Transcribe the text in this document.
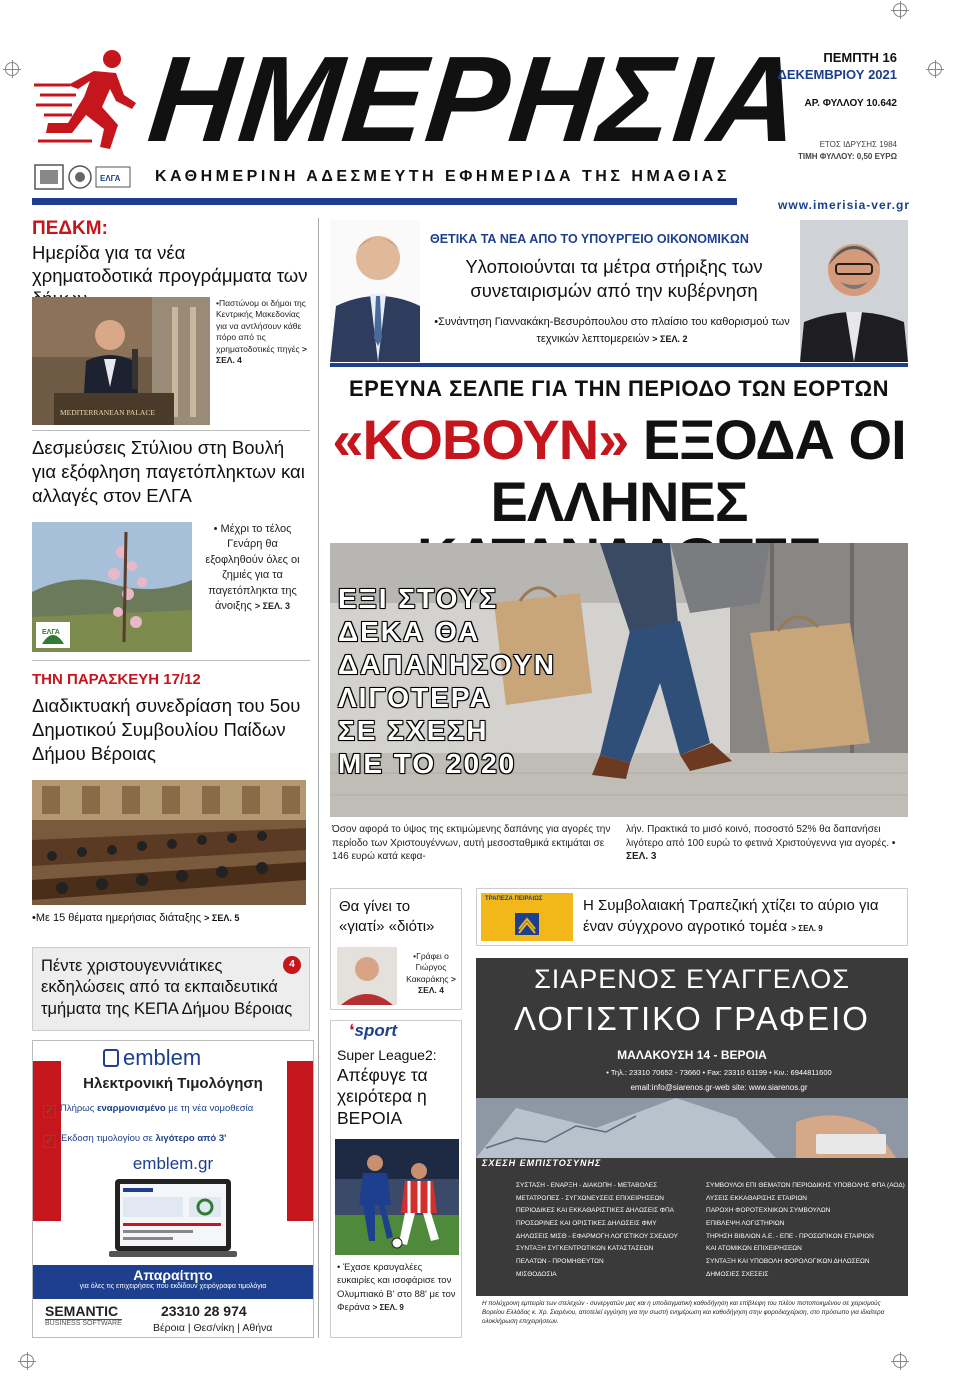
ΗΜΕΡΗΣΙΑ
ΕΛΓΑ ΚΑΘΗΜΕΡΙΝΗ ΑΔΕΣΜΕΥΤΗ ΕΦΗΜΕΡΙΔΑ ΤΗΣ ΗΜΑΘΙΑΣ
ΠΕΜΠΤΗ 16
ΔΕΚΕΜΒΡΙΟΥ 2021
ΑΡ. ΦΥΛΛΟΥ 10.642
ΕΤΟΣ ΙΔΡΥΣΗΣ 1984
ΤΙΜΗ ΦΥΛΛΟΥ: 0,50 ΕΥΡΩ
www.imerisia-ver.gr
ΠΕΔΚΜ:
Ημερίδα για τα νέα χρηματοδοτικά προγράμματα των
MEDITERRANEAN PALACE
•Παστώνομ οι δήμοι της Κεντρικής Μακεδονίας για να αντλήσουν κάθε πόρο από τις χρηματοδοτικές πηγές > ΣΕΛ. 4
Δεσμεύσεις Στύλιου στη Βουλή για εξόφληση παγετόπληκτων και αλλαγές στον ΕΛΓΑ
ΕΛΓΑ
• Μέχρι το τέλος Γενάρη θα εξοφληθούν όλες οι ζημιές για τα παγετόπληκτα της άνοιξης > ΣΕΛ. 3
ΤΗΝ ΠΑΡΑΣΚΕΥΗ 17/12
Διαδικτυακή συνεδρίαση του 5ου Δημοτικού Συμβουλίου Παίδων Δήμου Βέροιας
•Με 15 θέματα ημερήσιας διάταξης > ΣΕΛ. 5
Πέντε χριστουγεννιάτικες εκδηλώσεις από τα εκπαιδευτικά τμήματα της ΚΕΠΑ Δήμου Βέροιας
4
emblem
Ηλεκτρονική Τιμολόγηση
✓ Πλήρως εναρμονισμένο με τη νέα νομοθεσία
✓ Έκδοση τιμολογίου σε λιγότερο από 3'
emblem.gr
Απαραίτητο
για όλες τις επιχειρήσεις που εκδίδουν χειρόγραφα τιμολόγια
SEMANTIC
BUSINESS SOFTWARE
23310 28 974
Βέροια | Θεσ/νίκη | Αθήνα
ΘΕΤΙΚΑ ΤΑ ΝΕΑ ΑΠΟ ΤΟ ΥΠΟΥΡΓΕΙΟ ΟΙΚΟΝΟΜΙΚΩΝ
Υλοποιούνται τα μέτρα στήριξης των συνεταιρισμών από την κυβέρνηση
•Συνάντηση Γιαννακάκη-Βεσυρόπουλου στο πλαίσιο του καθορισμού των τεχνικών λεπτομερειών > ΣΕΛ. 2
ΕΡΕΥΝΑ ΣΕΛΠΕ ΓΙΑ ΤΗΝ ΠΕΡΙΟΔΟ ΤΩΝ ΕΟΡΤΩΝ
«ΚΟΒΟΥΝ» ΕΞΟΔΑ ΟΙ
ΕΛΛΗΝΕΣ
ΕΞΙ ΣΤΟΥΣ
ΔΕΚΑ ΘΑ
ΔΑΠΑΝΗΣΟΥΝ
ΛΙΓΟΤΕΡΑ
ΣΕ ΣΧΕΣΗ
ΜΕ ΤΟ 2020
Όσον αφορά το ύψος της εκτιμώμενης δαπάνης για αγορές την περίοδο των Χριστουγέννων, αυτή μεσοσταθμικά εκτιμάται σε 146 ευρώ κατά κεφα-
λήν. Πρακτικά το μισό κοινό, ποσοστό 52% θα δαπανήσει λιγότερο από 100 ευρώ το φετινά Χριστούγεννα για αγορές. • ΣΕΛ. 3
Θα γίνει το
«γιατί» «διότι»
•Γράφει ο Γιώργος Κακαράκης > ΣΕΛ. 4
ΤΡΑΠΕΖΑ ΠΕΙΡΑΙΩΣ	Η Συμβολαιακή Τραπεζική χτίζει το αύριο για έναν σύγχρονο αγροτικό τομέα > ΣΕΛ. 9
❛sport
Super League2:
Απέφυγε τα χειρότερα η ΒΕΡΟΙΑ
• Έχασε κραυγαλέες ευκαιρίες και ισοφάρισε τον Ολυμπιακό Β' στο 88' με τον Φεράνα > ΣΕΛ. 9
ΣΙΑΡΕΝΟΣ ΕΥΑΓΓΕΛΟΣ
ΛΟΓΙΣΤΙΚΟ ΓΡΑΦΕΙΟ
ΜΑΛΑΚΟΥΣΗ 14 - ΒΕΡΟΙΑ
• Τηλ.: 23310 70652 - 73660 • Fax: 23310 61199 • Κιν.: 6944811600
email:info@siarenos.gr-web site: www.siarenos.gr
ΣΧΕΣΗ ΕΜΠΙΣΤΟΣΥΝΗΣ
ΣΥΣΤΑΣΗ - ΕΝΑΡΞΗ - ΔΙΑΚΟΠΗ - ΜΕΤΑΒΟΛΕΣ
ΜΕΤΑΤΡΟΠΕΣ - ΣΥΓΧΩΝΕΥΣΕΙΣ ΕΠΙΧΕΙΡΗΣΕΩΝ
ΠΕΡΙΟΔΙΚΕΣ ΚΑΙ ΕΚΚΑΘΑΡΙΣΤΙΚΕΣ ΔΗΛΩΣΕΙΣ ΦΠΑ
ΠΡΟΣΩΡΙΝΕΣ ΚΑΙ ΟΡΙΣΤΙΚΕΣ ΔΗΛΩΣΕΙΣ ΦΜΥ
ΔΗΛΩΣΕΙΣ ΜΙΣΘ - ΕΦΑΡΜΟΓΗ ΛΟΓΙΣΤΙΚΟΥ ΣΧΕΔΙΟΥ
ΣΥΝΤΑΞΗ ΣΥΓΚΕΝΤΡΩΤΙΚΩΝ ΚΑΤΑΣΤΑΣΕΩΝ
ΠΕΛΑΤΩΝ - ΠΡΟΜΗΘΕΥΤΩΝ
ΜΙΣΘΟΔΟΣΙΑ
ΣΥΜΒΟΥΛΟΙ ΕΠΙ ΘΕΜΑΤΩΝ ΠΕΡΙΟΔΙΚΗΣ ΥΠΟΒΟΛΗΣ ΦΠΑ (ΑΟΔ)
ΛΥΣΕΙΣ ΕΚΚΑΘΑΡΙΣΗΣ ΕΤΑΙΡΙΩΝ
ΠΑΡΟΧΗ ΦΟΡΟΤΕΧΝΙΚΩΝ ΣΥΜΒΟΥΛΩΝ
ΕΠΙΒΛΕΨΗ ΛΟΓΙΣΤΗΡΙΩΝ
ΤΗΡΗΣΗ ΒΙΒΛΙΩΝ Α.Ε. - ΕΠΕ - ΠΡΟΣΩΠΙΚΩΝ ΕΤΑΙΡΙΩΝ
ΚΑΙ ΑΤΟΜΙΚΩΝ ΕΠΙΧΕΙΡΗΣΕΩΝ
ΣΥΝΤΑΞΗ ΚΑΙ ΥΠΟΒΟΛΗ ΦΟΡΟΛΟΓΙΚΩΝ ΔΗΛΩΣΕΩΝ
ΔΗΜΟΣΙΕΣ ΣΧΕΣΕΙΣ
Η πολύχρονη εμπειρία των στελεχών - συνεργατών μας και η υποδειγματική καθοδήγηση και επίβλεψη του πλέον πιστοποιημένου σε χειρισμούς Βορείου Ελλάδας κ. Χρ. Σιαρένου, αποτελεί εγγύηση για την σωστή ενημέρωση και καθοδήγηση στην φοροδιαχείριση, στο πρόσωπο για ιδιαίτερα ολοκλήρωση επιχειρήσεων.
